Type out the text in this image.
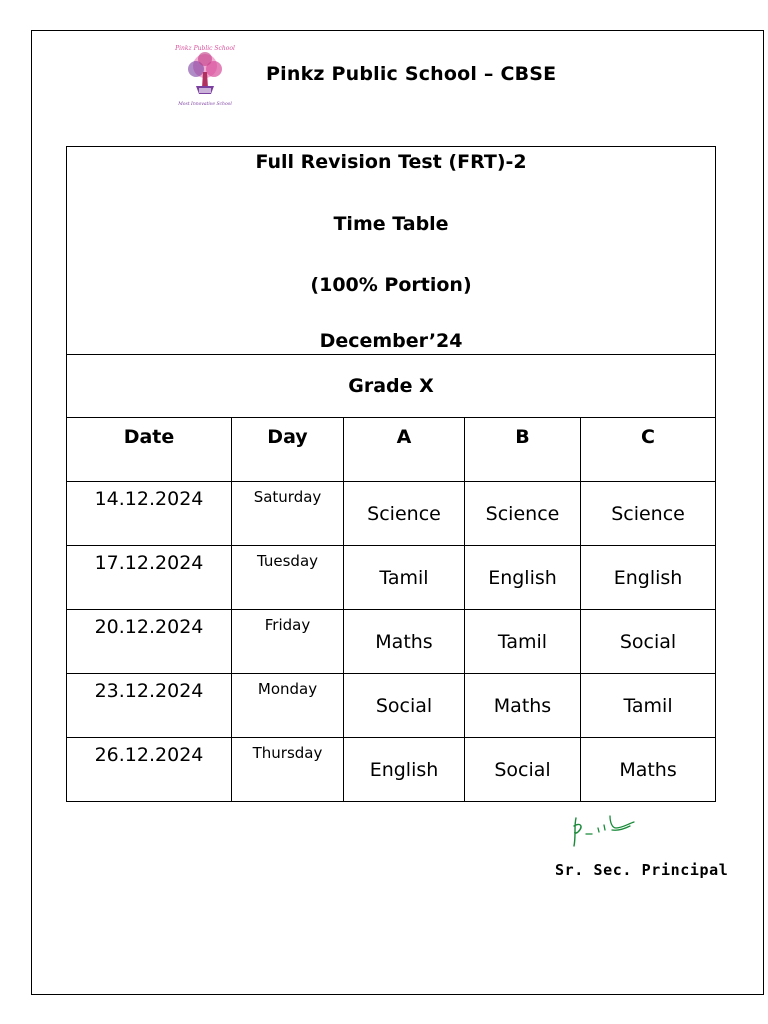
Pinkz Public School
Most Innovative School
Pinkz Public School – CBSE
Full Revision Test (FRT)-2
Time Table
(100% Portion)
December’24				

Grade X				

Date	Day	A	B	C

14.12.2024	Saturday	Science	Science	Science

17.12.2024	Tuesday	Tamil	English	English

20.12.2024	Friday	Maths	Tamil	Social

23.12.2024	Monday	Social	Maths	Tamil

26.12.2024	Thursday	English	Social	Maths
Sr. Sec. Principal
